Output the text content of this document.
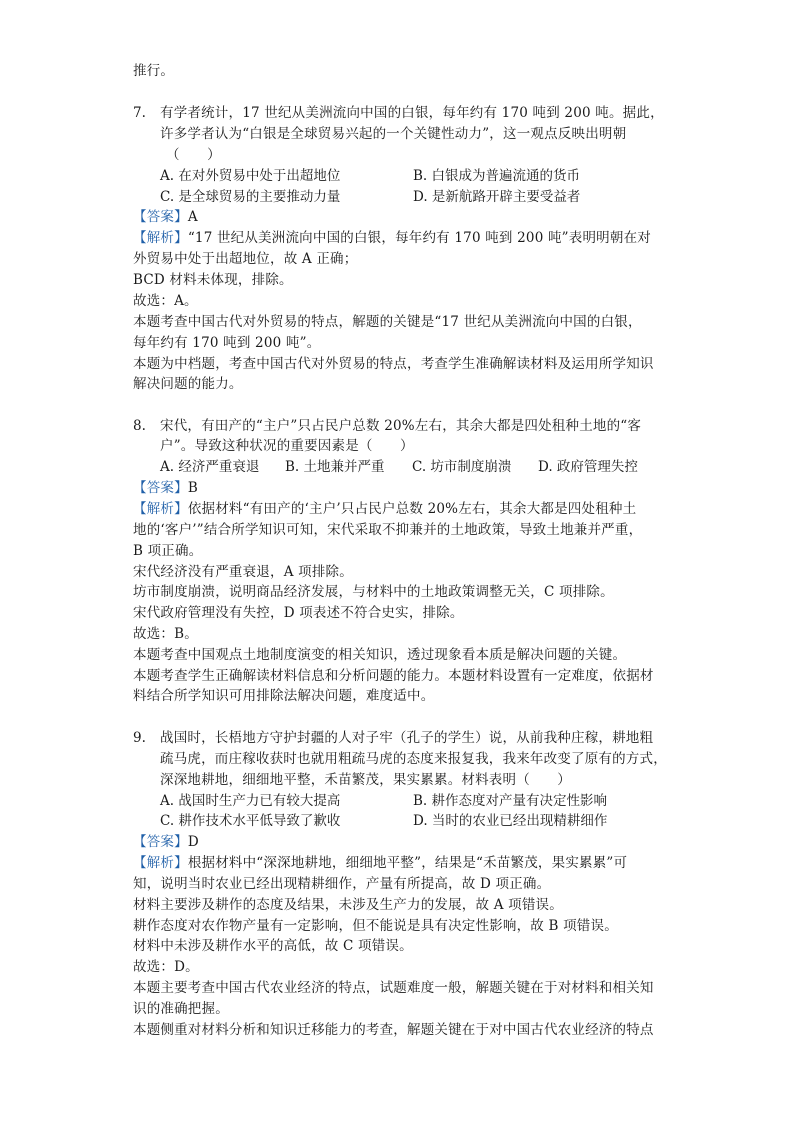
推行。
7. 有学者统计，17 世纪从美洲流向中国的白银，每年约有 170 吨到 200 吨。据此，
许多学者认为“白银是全球贸易兴起的一个关键性动力”，这一观点反映出明朝
（　　）
A. 在对外贸易中处于出超地位	B. 白银成为普遍流通的货币
C. 是全球贸易的主要推动力量	D. 是新航路开辟主要受益者
【答案】A
【解析】“17 世纪从美洲流向中国的白银，每年约有 170 吨到 200 吨”表明明朝在对
外贸易中处于出超地位，故 A 正确；
BCD 材料未体现，排除。
故选：A。
本题考查中国古代对外贸易的特点，解题的关键是“17 世纪从美洲流向中国的白银，
每年约有 170 吨到 200 吨”。
本题为中档题，考查中国古代对外贸易的特点，考查学生准确解读材料及运用所学知识
解决问题的能力。
8. 宋代，有田产的“主户”只占民户总数 20%左右，其余大都是四处租种土地的“客
户”。导致这种状况的重要因素是（　　）
A. 经济严重衰退 B. 土地兼并严重 C. 坊市制度崩溃 D. 政府管理失控
【答案】B
【解析】依据材料“有田产的‘主户’只占民户总数 20%左右，其余大都是四处租种土
地的‘客户’”结合所学知识可知，宋代采取不抑兼并的土地政策，导致土地兼并严重，
B 项正确。
宋代经济没有严重衰退，A 项排除。
坊市制度崩溃，说明商品经济发展，与材料中的土地政策调整无关，C 项排除。
宋代政府管理没有失控，D 项表述不符合史实，排除。
故选：B。
本题考查中国观点土地制度演变的相关知识，透过现象看本质是解决问题的关键。
本题考查学生正确解读材料信息和分析问题的能力。本题材料设置有一定难度，依据材
料结合所学知识可用排除法解决问题，难度适中。
9. 战国时，长梧地方守护封疆的人对子牢（孔子的学生）说，从前我种庄稼，耕地粗
疏马虎，而庄稼收获时也就用粗疏马虎的态度来报复我，我来年改变了原有的方式，
深深地耕地，细细地平整，禾苗繁茂，果实累累。材料表明（　　）
A. 战国时生产力已有较大提高	B. 耕作态度对产量有决定性影响
C. 耕作技术水平低导致了歉收	D. 当时的农业已经出现精耕细作
【答案】D
【解析】根据材料中“深深地耕地，细细地平整”，结果是“禾苗繁茂，果实累累”可
知，说明当时农业已经出现精耕细作，产量有所提高，故 D 项正确。
材料主要涉及耕作的态度及结果，未涉及生产力的发展，故 A 项错误。
耕作态度对农作物产量有一定影响，但不能说是具有决定性影响，故 B 项错误。
材料中未涉及耕作水平的高低，故 C 项错误。
故选：D。
本题主要考查中国古代农业经济的特点，试题难度一般，解题关键在于对材料和相关知
识的准确把握。
本题侧重对材料分析和知识迁移能力的考查，解题关键在于对中国古代农业经济的特点
